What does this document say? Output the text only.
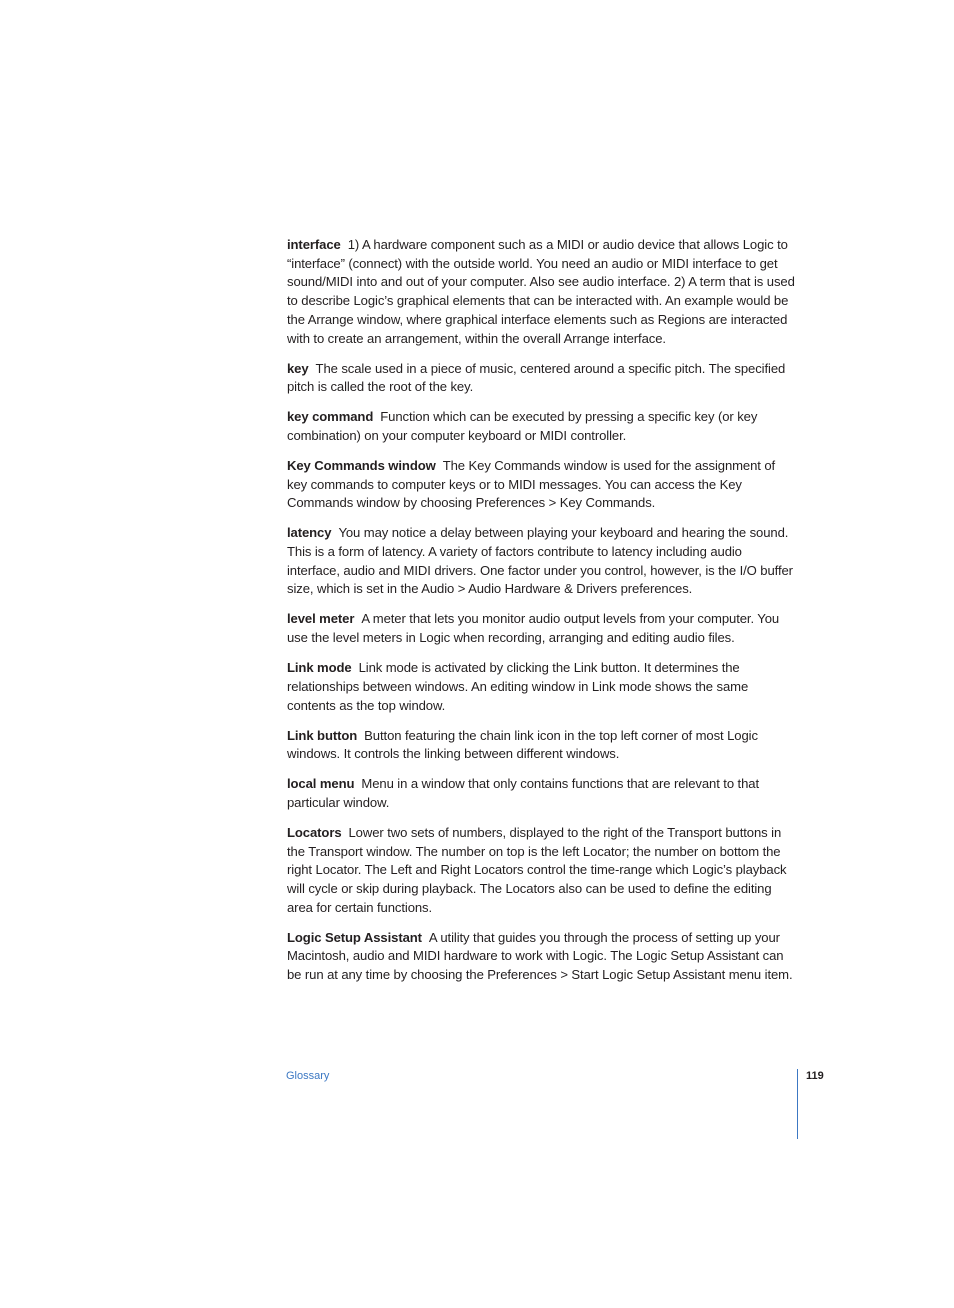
interface 1) A hardware component such as a MIDI or audio device that allows Logic to “interface” (connect) with the outside world. You need an audio or MIDI interface to get sound/MIDI into and out of your computer. Also see audio interface. 2) A term that is used to describe Logic’s graphical elements that can be interacted with. An example would be the Arrange window, where graphical interface elements such as Regions are interacted with to create an arrangement, within the overall Arrange interface.

key The scale used in a piece of music, centered around a specific pitch. The specified pitch is called the root of the key.

key command Function which can be executed by pressing a specific key (or key combination) on your computer keyboard or MIDI controller.

Key Commands window The Key Commands window is used for the assignment of key commands to computer keys or to MIDI messages. You can access the Key Commands window by choosing Preferences > Key Commands.

latency You may notice a delay between playing your keyboard and hearing the sound. This is a form of latency. A variety of factors contribute to latency including audio interface, audio and MIDI drivers. One factor under you control, however, is the I/O buffer size, which is set in the Audio > Audio Hardware & Drivers preferences.

level meter A meter that lets you monitor audio output levels from your computer. You use the level meters in Logic when recording, arranging and editing audio files.

Link mode Link mode is activated by clicking the Link button. It determines the relationships between windows. An editing window in Link mode shows the same contents as the top window.

Link button Button featuring the chain link icon in the top left corner of most Logic windows. It controls the linking between different windows.

local menu Menu in a window that only contains functions that are relevant to that particular window.

Locators Lower two sets of numbers, displayed to the right of the Transport buttons in the Transport window. The number on top is the left Locator; the number on bottom the right Locator. The Left and Right Locators control the time-range which Logic’s playback will cycle or skip during playback. The Locators also can be used to define the editing area for certain functions.

Logic Setup Assistant A utility that guides you through the process of setting up your Macintosh, audio and MIDI hardware to work with Logic. The Logic Setup Assistant can be run at any time by choosing the Preferences > Start Logic Setup Assistant menu item.

Glossary	119
